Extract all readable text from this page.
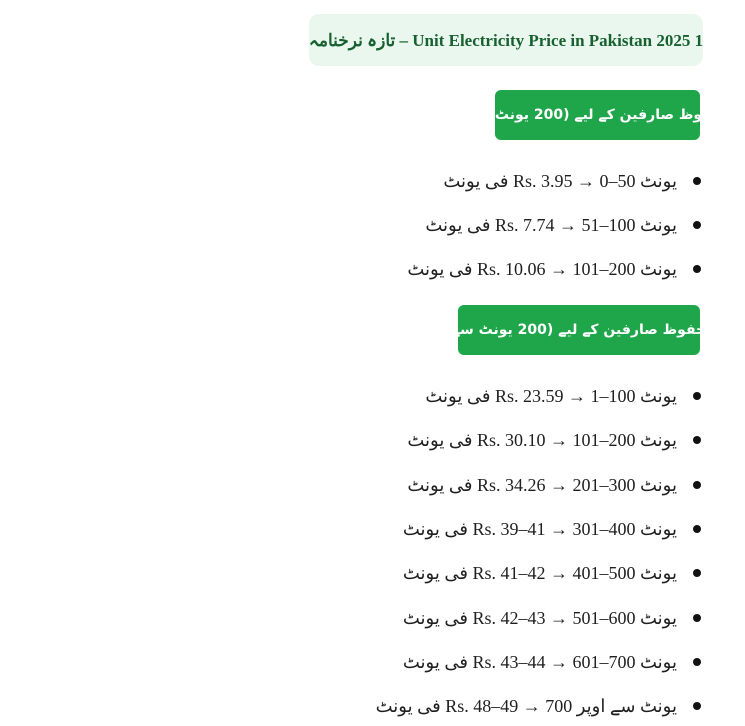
تازہ نرخنامہ – Unit Electricity Price in Pakistan 2025 1
محفوظ صارفین کے لیے (200 یونٹ تک)
فی یونٹ Rs. 3.95 → 0–50 یونٹ
فی یونٹ Rs. 7.74 → 51–100 یونٹ
فی یونٹ Rs. 10.06 → 101–200 یونٹ
غیر محفوظ صارفین کے لیے (200 یونٹ سے زائد)
فی یونٹ Rs. 23.59 → 1–100 یونٹ
فی یونٹ Rs. 30.10 → 101–200 یونٹ
فی یونٹ Rs. 34.26 → 201–300 یونٹ
فی یونٹ Rs. 39–41 → 301–400 یونٹ
فی یونٹ Rs. 41–42 → 401–500 یونٹ
فی یونٹ Rs. 42–43 → 501–600 یونٹ
فی یونٹ Rs. 43–44 → 601–700 یونٹ
فی یونٹ Rs. 48–49 → 700 یونٹ سے اوپر
